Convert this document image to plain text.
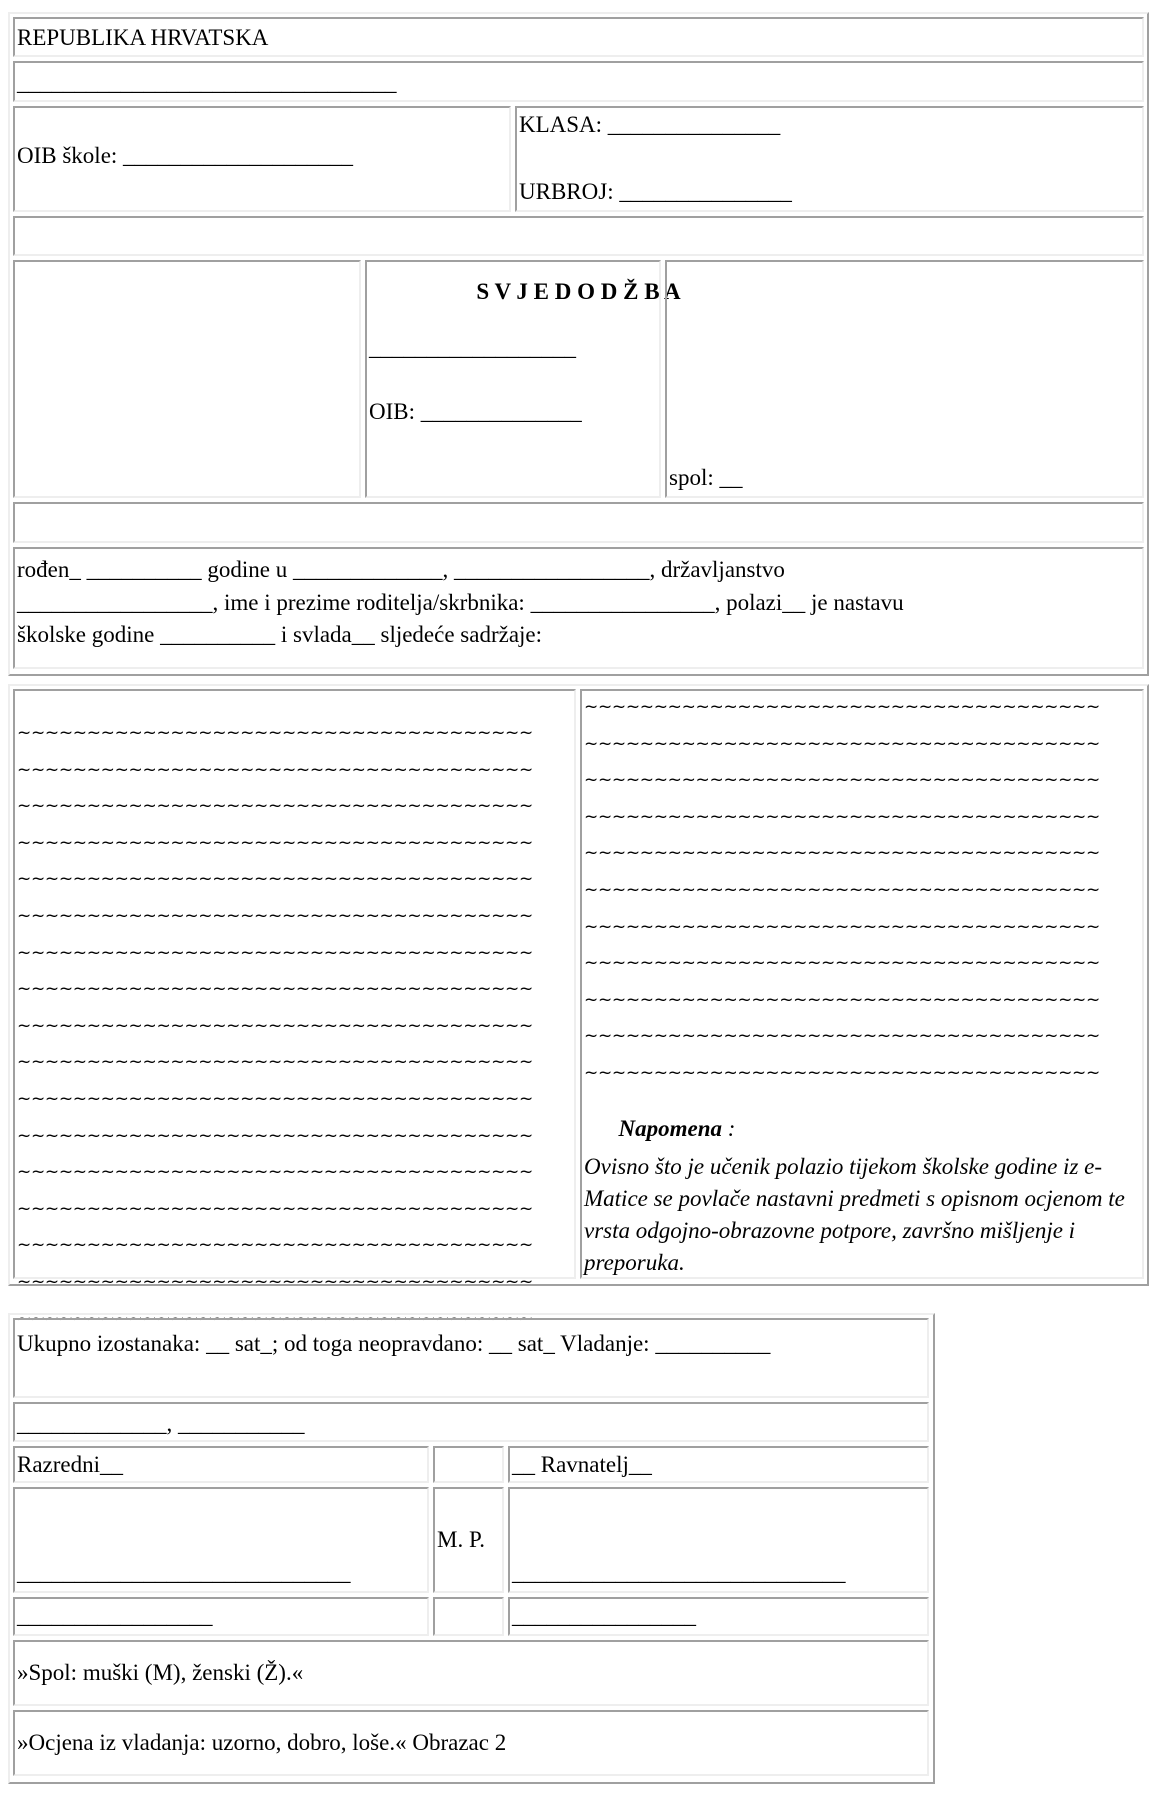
REPUBLIKA HRVATSKA

_________________________________

OIB škole: ____________________

KLASA: _______________

URBROJ: _______________

S V J E D O D Ž B A

__________________

OIB: ______________

spol: __

rođen_ __________ godine u _____________, _________________, državljanstvo

_________________, ime i prezime roditelja/skrbnika: ________________, polazi__ je nastavu

školske godine __________ i svlada__ sljedeće sadržaje:

~~~~~~~~~~~~~~~~~~~~~~~~~~~~~~~~~~~~~
~~~~~~~~~~~~~~~~~~~~~~~~~~~~~~~~~~~~~
~~~~~~~~~~~~~~~~~~~~~~~~~~~~~~~~~~~~~
~~~~~~~~~~~~~~~~~~~~~~~~~~~~~~~~~~~~~
~~~~~~~~~~~~~~~~~~~~~~~~~~~~~~~~~~~~~
~~~~~~~~~~~~~~~~~~~~~~~~~~~~~~~~~~~~~
~~~~~~~~~~~~~~~~~~~~~~~~~~~~~~~~~~~~~
~~~~~~~~~~~~~~~~~~~~~~~~~~~~~~~~~~~~~
~~~~~~~~~~~~~~~~~~~~~~~~~~~~~~~~~~~~~
~~~~~~~~~~~~~~~~~~~~~~~~~~~~~~~~~~~~~
~~~~~~~~~~~~~~~~~~~~~~~~~~~~~~~~~~~~~
~~~~~~~~~~~~~~~~~~~~~~~~~~~~~~~~~~~~~
~~~~~~~~~~~~~~~~~~~~~~~~~~~~~~~~~~~~~
~~~~~~~~~~~~~~~~~~~~~~~~~~~~~~~~~~~~~
~~~~~~~~~~~~~~~~~~~~~~~~~~~~~~~~~~~~~
~~~~~~~~~~~~~~~~~~~~~~~~~~~~~~~~~~~~~
~~~~~~~~~~~~~~~~~~~~~~~~~~~~~~~~~~~~~

~~~~~~~~~~~~~~~~~~~~~~~~~~~~~~~~~~~~~
~~~~~~~~~~~~~~~~~~~~~~~~~~~~~~~~~~~~~
~~~~~~~~~~~~~~~~~~~~~~~~~~~~~~~~~~~~~
~~~~~~~~~~~~~~~~~~~~~~~~~~~~~~~~~~~~~
~~~~~~~~~~~~~~~~~~~~~~~~~~~~~~~~~~~~~
~~~~~~~~~~~~~~~~~~~~~~~~~~~~~~~~~~~~~
~~~~~~~~~~~~~~~~~~~~~~~~~~~~~~~~~~~~~
~~~~~~~~~~~~~~~~~~~~~~~~~~~~~~~~~~~~~
~~~~~~~~~~~~~~~~~~~~~~~~~~~~~~~~~~~~~
~~~~~~~~~~~~~~~~~~~~~~~~~~~~~~~~~~~~~
~~~~~~~~~~~~~~~~~~~~~~~~~~~~~~~~~~~~~

Napomena :

Ovisno što je učenik polazio tijekom školske godine iz e-Matice se povlače nastavni predmeti s opisnom ocjenom te vrsta odgojno-obrazovne potpore, završno mišljenje i preporuka.

Ukupno izostanaka: __ sat_; od toga neopravdano: __ sat_ Vladanje: __________

_____________, ___________

Razredni__

	__ Ravnatelj__

_____________________________

M. P.

_____________________________

_________________

	________________

»Spol: muški (M), ženski (Ž).«

»Ocjena iz vladanja: uzorno, dobro, loše.« Obrazac 2
